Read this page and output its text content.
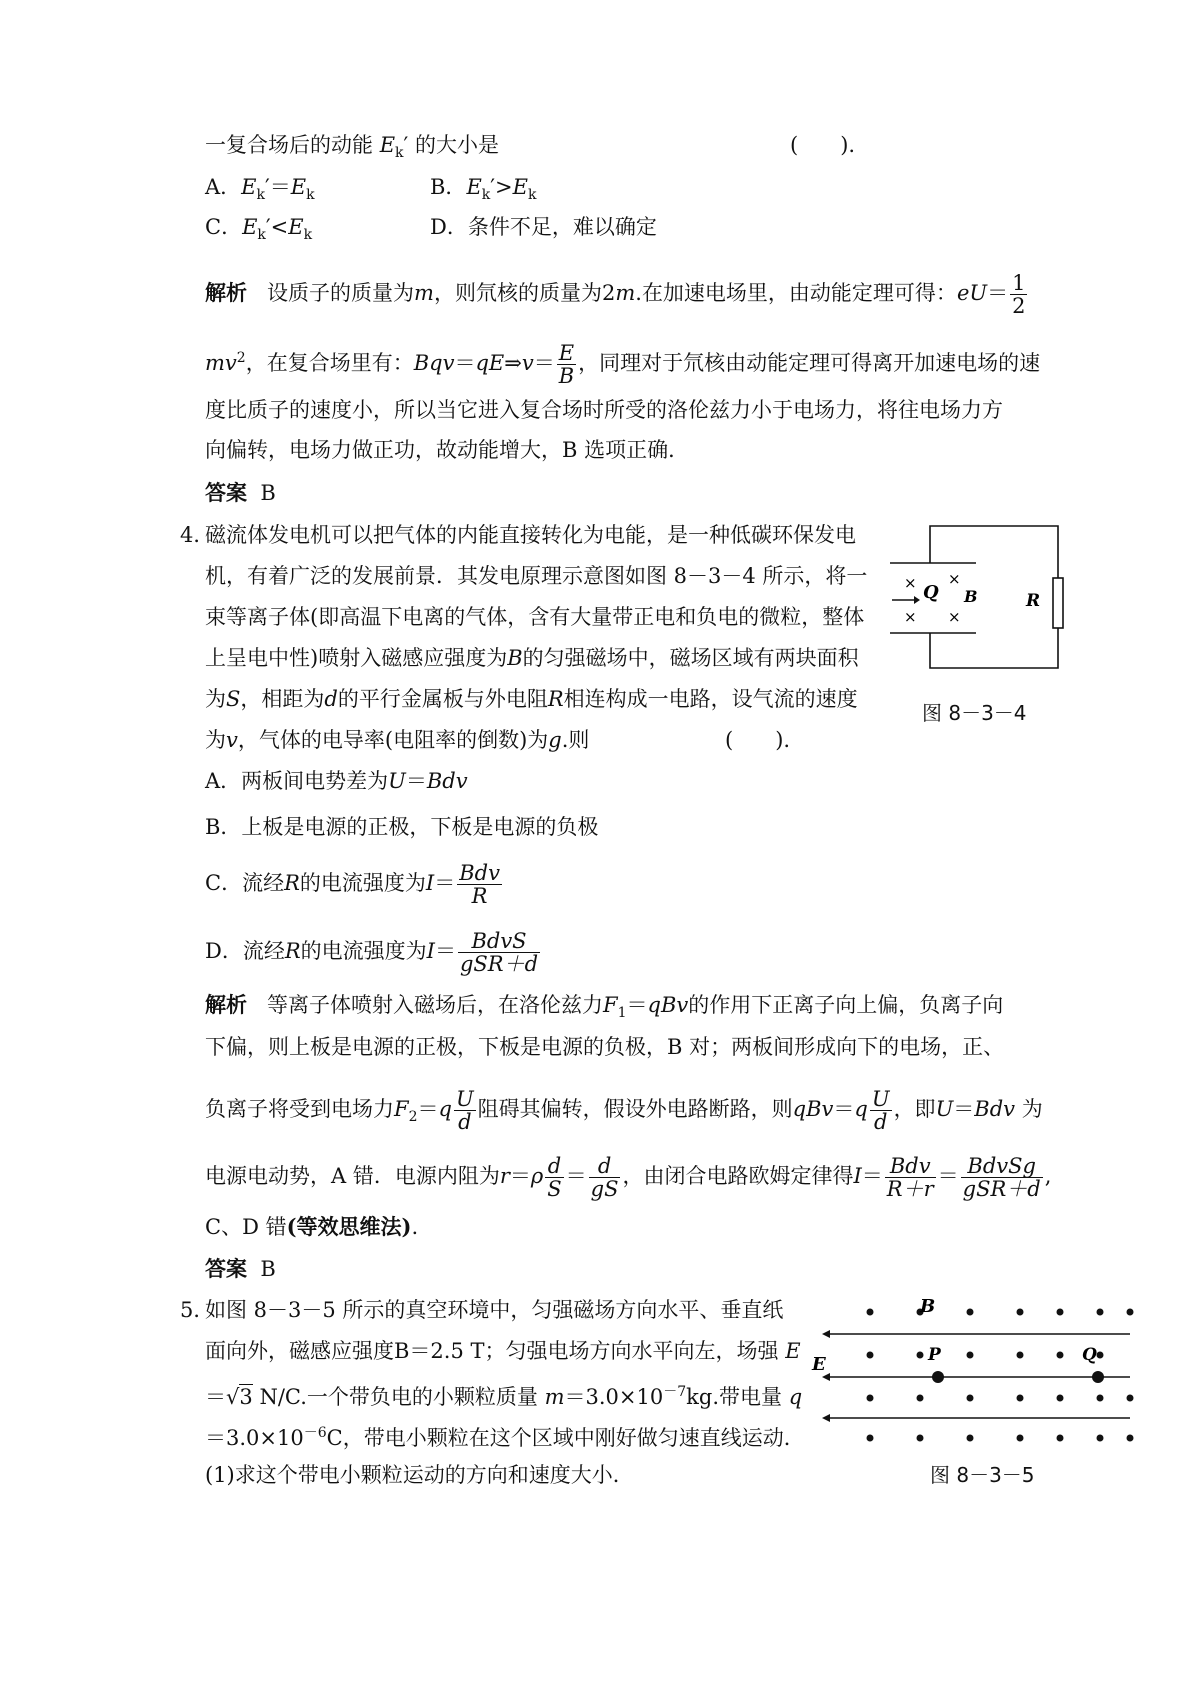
一复合场后的动能 $E_k'$ 的大小是	(　　).
A．$E_k'=E_k$	B．$E_k'>E_k$
C．$E_k'<E_k$	D．条件不足，难以确定
解析 设质子的质量为m，则氘核的质量为2m.在加速电场里，由动能定理可得：$eU= \frac{1}{2}$
$mv^2$，在复合场里有：Bqv＝qE⇒v＝ $\frac{E}{B}$ ，同理对于氘核由动能定理可得离开加速电场的速
度比质子的速度小，所以当它进入复合场时所受的洛伦兹力小于电场力，将往电场力方
向偏转，电场力做正功，故动能增大，B 选项正确．
答案 B
4．
磁流体发电机可以把气体的内能直接转化为电能，是一种低碳环保发电
机，有着广泛的发展前景．其发电原理示意图如图 8－3－4 所示，将一
束等离子体(即高温下电离的气体，含有大量带正电和负电的微粒，整体
上呈电中性)喷射入磁感应强度为B的匀强磁场中，磁场区域有两块面积
为S，相距为d的平行金属板与外电阻R相连构成一电路，设气流的速度
为v，气体的电导率(电阻率的倒数)为g.则	(　　).
× ×
× ×
Q B	R
图 8－3－4
A．两板间电势差为U＝Bdv
B．上板是电源的正极，下板是电源的负极
C．流经R的电流强度为$I= \frac{\text{Bdv}}{R}$
D．流经R的电流强度为$I= \frac{\text{BdvS}}{\text{gSR＋d}}$
解析 等离子体喷射入磁场后，在洛伦兹力$F_1=qBv$的作用下正离子向上偏，负离子向
下偏，则上板是电源的正极，下板是电源的负极，B 对；两板间形成向下的电场，正、
负离子将受到电场力$F_2=q \frac{U}{d}$ 阻碍其偏转，假设外电路断路，则$qBv=q \frac{U}{d}$ ，即U＝Bdv 为
电源电动势，A 错．电源内阻为$r=\rho \frac{d}{S} = \frac{d}{gS}$ ，由闭合电路欧姆定律得$I= \frac{\text{Bdv}}{R+r} = \frac{\text{BdvSg}}{\text{gSR＋d}}$ ,
C、D 错(等效思维法).
答案 B
5．
如图 8－3－5 所示的真空环境中，匀强磁场方向水平、垂直纸
面向外，磁感应强度B＝2.5 T；匀强电场方向水平向左，场强 E
＝√3 N/C.一个带负电的小颗粒质量 $m=3.0\times 10^{-7}kg$.带电量 q
$=3.0\times 10^{-6}C$，带电小颗粒在这个区域中刚好做匀速直线运动．
(1)求这个带电小颗粒运动的方向和速度大小．
B
E	P	Q
图 8－3－5
